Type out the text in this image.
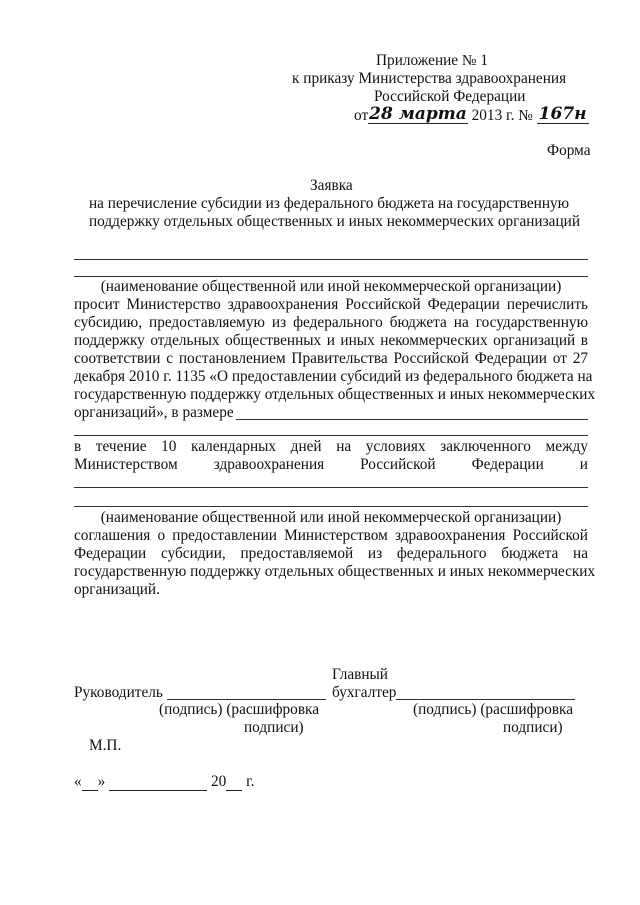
Приложение № 1
к приказу Министерства здравоохранения
Российской Федерации
от28 марта 2013 г. № 167н
Форма
Заявка
на перечисление субсидии из федерального бюджета на государственную
поддержку отдельных общественных и иных некоммерческих организаций
(наименование общественной или иной некоммерческой организации)
просит Министерство здравоохранения Российской Федерации перечислить
субсидию, предоставляемую из федерального бюджета на государственную
поддержку отдельных общественных и иных некоммерческих организаций в
соответствии с постановлением Правительства Российской Федерации от 27
декабря 2010 г. 1135 «О предоставлении субсидий из федерального бюджета на
государственную поддержку отдельных общественных и иных некоммерческих
организаций», в размере
в течение 10 календарных дней на условиях заключенного между
Министерством здравоохранения Российской Федерации и
(наименование общественной или иной некоммерческой организации)
соглашения о предоставлении Министерством здравоохранения Российской
Федерации субсидии, предоставляемой из федерального бюджета на
государственную поддержку отдельных общественных и иных некоммерческих
организаций.
Главный
Руководитель	бухгалтер
(подпись) (расшифровка
подписи)
(подпись) (расшифровка
подписи)
М.П.
« »	20 г.
